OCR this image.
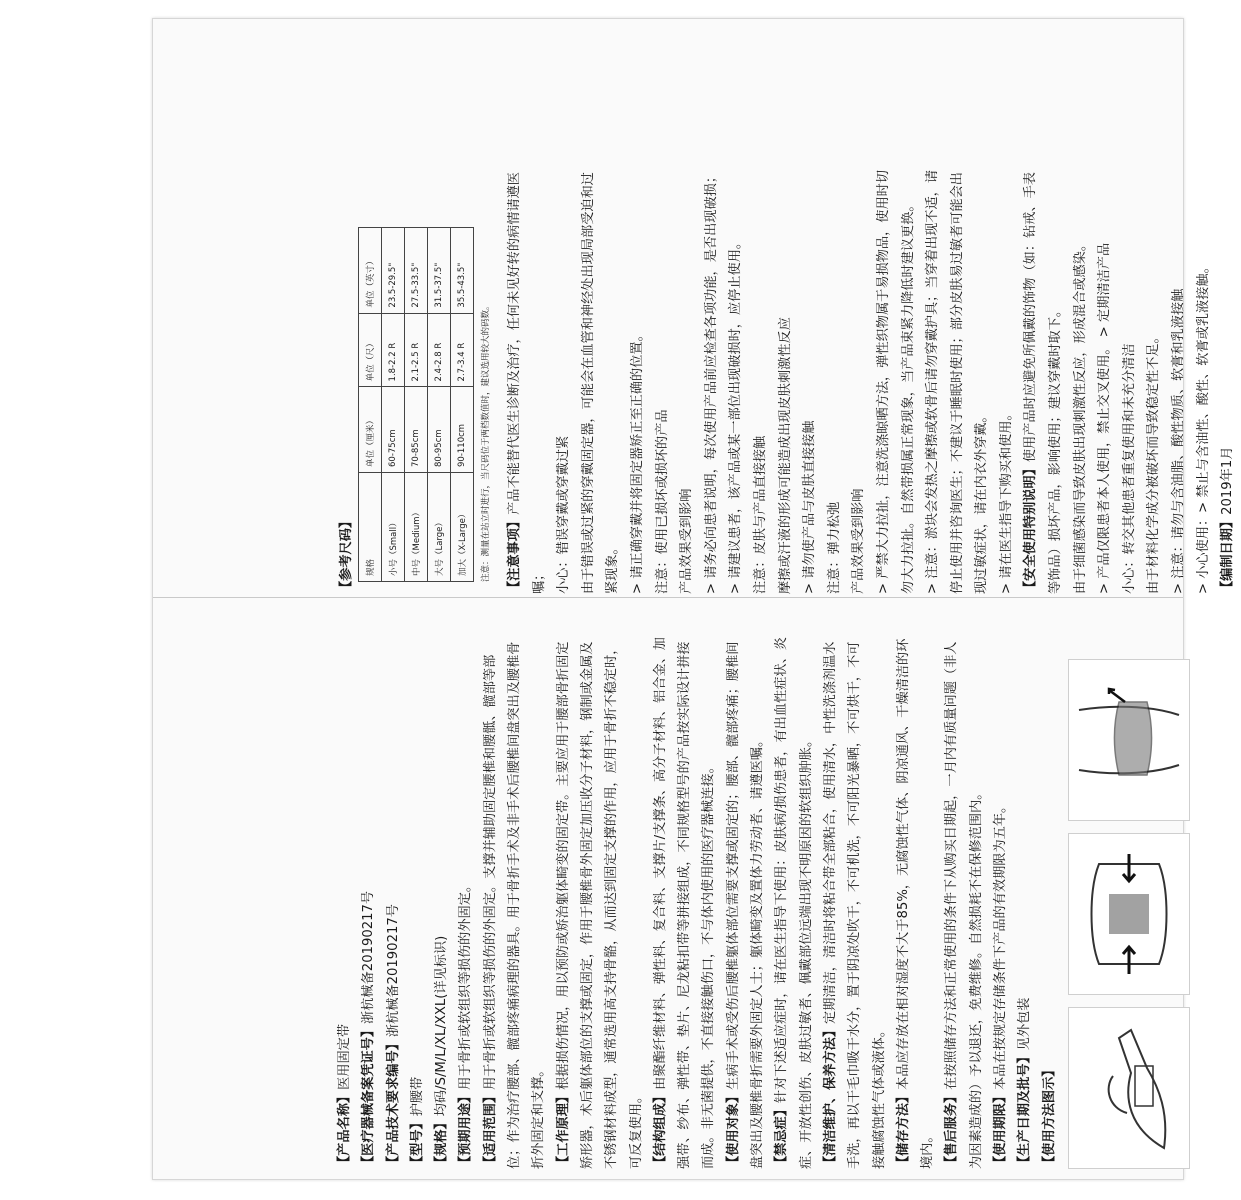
【产品名称】医用固定带 【医疗器械备案凭证号】浙杭械备20190217号

【产品技术要求编号】浙杭械备20190217号

【型号】护腰带

【规格】均码/S/M/L/XL/XXL(详见标识)

【预期用途】用于骨折或软组织等损伤的外固定。

【适用范围】用于骨折或软组织等损伤的外固定。支撑并辅助固定腰椎和腰骶、髋部等部位；作为治疗腰部、髋部疼痛病理的器具。用于骨折手术及非手术后腰椎间盘突出及腰椎骨折外固定和支撑。 【工作原理】根据损伤情况，用以预防或矫治躯体畸变的固定带。主要应用于腰部骨折固定矫形器，术后躯体部位的支撑或固定，作用于腰椎骨外固定加压收分子材料，钢制或金属及不锈钢材料成型，通常选用高支持骨骼，从而达到固定支撑的作用，应用于骨折不稳定时，可反复使用。 【结构组成】由聚酯纤维材料、弹性料、复合料、支撑片/支撑条、高分子材料、铝合金、加强带、纱布、弹性带、垫片、尼龙粘扣带等拼接组成，不同规格型号的产品按实际设计拼接而成。非无菌提供，不直接接触伤口，不与体内使用的医疗器械连接。 【使用对象】生病手术或受伤后腰椎躯体部位需要支撑或固定的；腰部、髋部疼痛；腰椎间盘突出及腰椎骨折需要外固定人士；躯体畸变及置体力劳动者、请遵医嘱。 【禁忌症】针对下述适应症时，请在医生指导下使用：皮肤病/损伤患者，有出血性症状、炎症、开放性创伤、皮肤过敏者、佩戴部位远端出现不明原因的软组织肿胀。 【清洁维护、保养方法】定期清洁，清洁时将粘合带全部粘合，使用清水，中性洗涤剂温水手洗，再以干毛巾吸干水分，置于阴凉处吹干，不可机洗，不可阳光暴晒，不可烘干，不可接触腐蚀性气体或液体。 【储存方法】本品应存放在相对湿度不大于85%，无腐蚀性气体、阴凉通风、干燥清洁的环境内。 【售后服务】在按照储存方法和正常使用的条件下从购买日期起，一月内有质量问题（非人为因素造成的）予以退还，免费维修。自然损耗不在保修范围内。 【使用期限】本品在按规定存储条件下产品的有效期限为五年。

【生产日期及批号】见外包装

【使用方法图示】

【参考尺码】 规格	单位（厘米）	单位（尺）	单位（英寸）
小号（Small）	60-75cm	1.8-2.2 R	23.5-29.5"
中号（Medium）	70-85cm	2.1-2.5 R	27.5-33.5"
大号（Large）	80-95cm	2.4-2.8 R	31.5-37.5"
加大（X-Large）	90-110cm	2.7-3.4 R	35.5-43.5"
注意：测量在站立时进行，当尺码位于两档数值时，建议选用较大的码数。	【注意事项】产品不能替代医生诊断及治疗，任何未见好转的病情请遵医嘱； 小心：错误穿戴或穿戴过紧 由于错误或过紧的穿戴固定器，可能会在血管和神经处出现局部受迫和过紧现象。 > 请正确穿戴并将固定器矫正至正确的位置。 注意：使用已损坏或损坏的产品 产品效果受到影响 > 请务必向患者说明，每次使用产品前应检查各项功能，是否出现破损； > 请建议患者，该产品或某一部位出现破损时，应停止使用。 注意：皮肤与产品直接接触 摩擦或汗液的形成可能造成出现皮肤刺激性反应 > 请勿使产品与皮肤直接接触 注意：弹力松弛 产品效果受到影响 > 严禁大力拉扯，注意洗涤晾晒方法，弹性织物属于易损物品，使用时切勿大力拉扯。自然带损属正常现象，当产品束紧力降低时建议更换。 > 注意：淤块会发热之摩擦或软骨后请勿穿戴护具；当穿着出现不适，请停止使用并咨询医生；不建议于睡眠时使用；部分皮肤易过敏者可能会出现过敏症状，请在内衣外穿戴。 > 请在医生指导下购买和使用。 【安全使用特别说明】使用产品时应避免所佩戴的饰物（如：钻戒、手表等饰品）损坏产品，影响使用；建议穿戴时取下。 由于细菌感染而导致皮肤出现刺激性反应，形成混合或感染。 > 产品仅限患者本人使用，禁止交叉使用。 > 定期清洁产品 小心：转交其他患者重复使用和未充分清洁 由于材料化学成分被破坏而导致稳定性不足。 > 注意：请勿与含油脂、酸性物质、软膏和乳液接触 > 小心使用：> 禁止与含油性、酸性、软膏或乳液接触。 【编制日期】2019年1月
